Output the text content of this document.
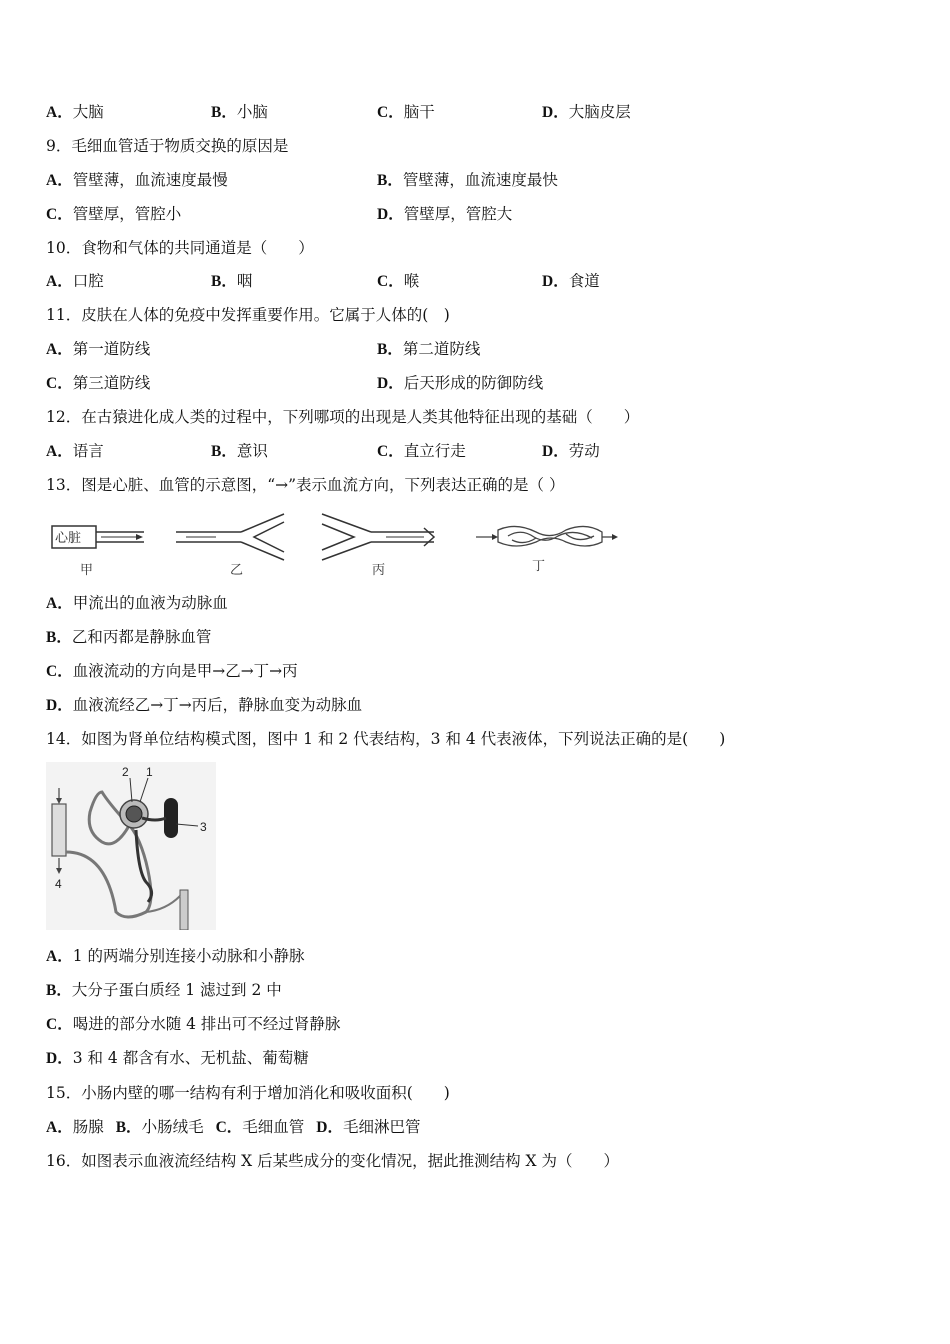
A．大脑	B．小脑	C．脑干	D．大脑皮层
9．毛细血管适于物质交换的原因是
A．管壁薄，血流速度最慢	B．管壁薄，血流速度最快
C．管壁厚，管腔小	D．管壁厚，管腔大
10．食物和气体的共同通道是（　　）
A．口腔	B．咽	C．喉	D．食道
11．皮肤在人体的免疫中发挥重要作用。它属于人体的(　)
A．第一道防线	B．第二道防线
C．第三道防线	D．后天形成的防御防线
12．在古猿进化成人类的过程中，下列哪项的出现是人类其他特征出现的基础（　　）
A．语言	B．意识	C．直立行走	D．劳动
13．图是心脏、血管的示意图，“→”表示血流方向，下列表达正确的是（ ）
心脏
甲	乙	丙	丁
A．甲流出的血液为动脉血
B．乙和丙都是静脉血管
C．血液流动的方向是甲→乙→丁→丙
D．血液流经乙→丁→丙后，静脉血变为动脉血
14．如图为肾单位结构模式图，图中 1 和 2 代表结构，3 和 4 代表液体，下列说法正确的是(　　)
2 1
3
4
A．1 的两端分别连接小动脉和小静脉
B．大分子蛋白质经 1 滤过到 2 中
C．喝进的部分水随 4 排出可不经过肾静脉
D．3 和 4 都含有水、无机盐、葡萄糖
15．小肠内壁的哪一结构有利于增加消化和吸收面积(　　)
A．肠腺 B．小肠绒毛 C．毛细血管 D．毛细淋巴管
16．如图表示血液流经结构 X 后某些成分的变化情况，据此推测结构 X 为（　　）
